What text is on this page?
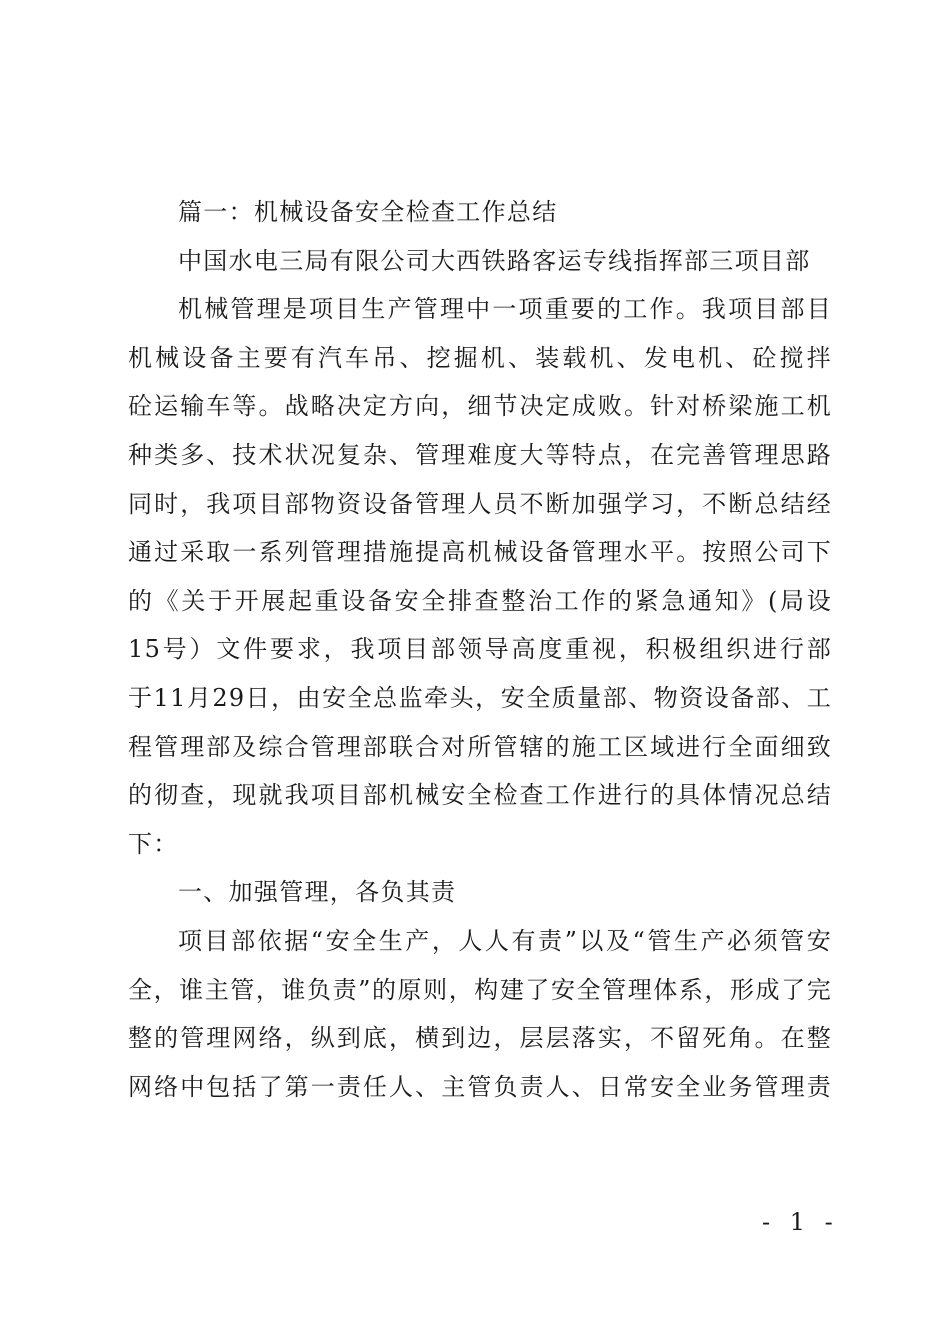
篇一：机械设备安全检查工作总结
中国水电三局有限公司大西铁路客运专线指挥部三项目部
机械管理是项目生产管理中一项重要的工作。我项目部目
机械设备主要有汽车吊、挖掘机、装载机、发电机、砼搅拌
砼运输车等。战略决定方向，细节决定成败。针对桥梁施工机
种类多、技术状况复杂、管理难度大等特点，在完善管理思路
同时，我项目部物资设备管理人员不断加强学习，不断总结经
通过采取一系列管理措施提高机械设备管理水平。按照公司下
的《关于开展起重设备安全排查整治工作的紧急通知》(局设
15号）文件要求，我项目部领导高度重视，积极组织进行部
于11月29日，由安全总监牵头，安全质量部、物资设备部、工
程管理部及综合管理部联合对所管辖的施工区域进行全面细致
的彻查，现就我项目部机械安全检查工作进行的具体情况总结
下：
一、加强管理，各负其责
项目部依据“安全生产，人人有责”以及“管生产必须管安
全，谁主管，谁负责”的原则，构建了安全管理体系，形成了完
整的管理网络，纵到底，横到边，层层落实，不留死角。在整
网络中包括了第一责任人、主管负责人、日常安全业务管理责
- 1 -
